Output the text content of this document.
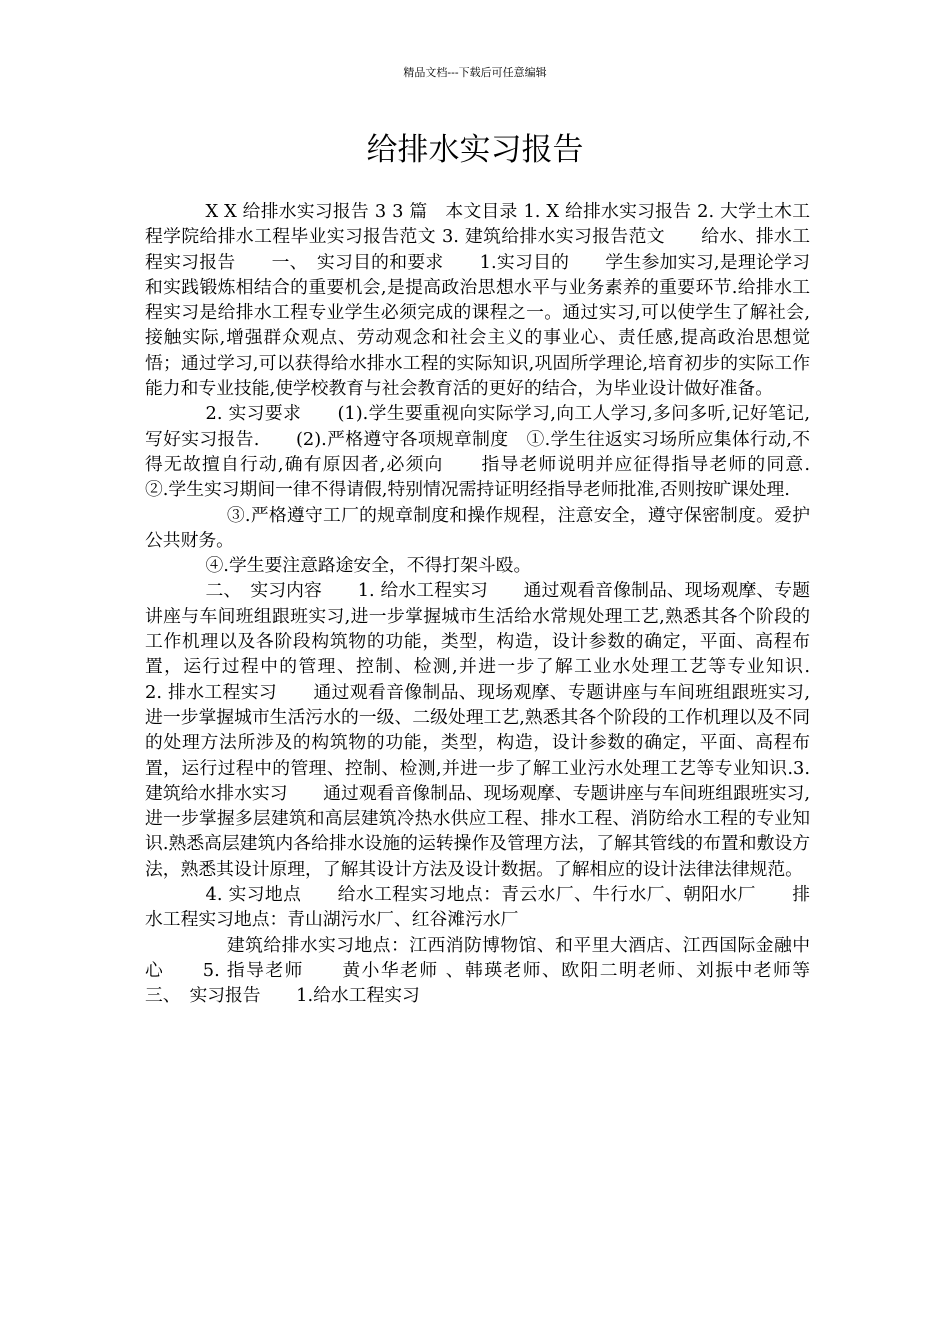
精品文档---下载后可任意编辑
给排水实习报告

X X 给排水实习报告 3 3 篇　本文目录 1. X 给排水实习报告 2. 大学土木工程学院给排水工程毕业实习报告范文 3. 建筑给排水实习报告范文　　给水、排水工程实习报告　　一、　实习目的和要求　　1.实习目的　　学生参加实习,是理论学习和实践锻炼相结合的重要机会,是提高政治思想水平与业务素养的重要环节.给排水工程实习是给排水工程专业学生必须完成的课程之一。通过实习,可以使学生了解社会,接触实际,增强群众观点、劳动观念和社会主义的事业心、责任感,提高政治思想觉悟；通过学习,可以获得给水排水工程的实际知识,巩固所学理论,培育初步的实际工作能力和专业技能,使学校教育与社会教育活的更好的结合，为毕业设计做好准备。

2. 实习要求　　(1).学生要重视向实际学习,向工人学习,多问多听,记好笔记,写好实习报告.　　(2).严格遵守各项规章制度　①.学生往返实习场所应集体行动,不得无故擅自行动,确有原因者,必须向　　指导老师说明并应征得指导老师的同意.　　②.学生实习期间一律不得请假,特别情况需持证明经指导老师批准,否则按旷课处理.

③.严格遵守工厂的规章制度和操作规程，注意安全，遵守保密制度。爱护公共财务。

④.学生要注意路途安全，不得打架斗殴。

二、　实习内容　　1. 给水工程实习　　通过观看音像制品、现场观摩、专题讲座与车间班组跟班实习,进一步掌握城市生活给水常规处理工艺,熟悉其各个阶段的工作机理以及各阶段构筑物的功能，类型，构造，设计参数的确定，平面、高程布置，运行过程中的管理、控制、检测,并进一步了解工业水处理工艺等专业知识.　　2. 排水工程实习　　通过观看音像制品、现场观摩、专题讲座与车间班组跟班实习,进一步掌握城市生活污水的一级、二级处理工艺,熟悉其各个阶段的工作机理以及不同的处理方法所涉及的构筑物的功能，类型，构造，设计参数的确定，平面、高程布置，运行过程中的管理、控制、检测,并进一步了解工业污水处理工艺等专业知识.3. 建筑给水排水实习　　通过观看音像制品、现场观摩、专题讲座与车间班组跟班实习,进一步掌握多层建筑和高层建筑冷热水供应工程、排水工程、消防给水工程的专业知识.熟悉高层建筑内各给排水设施的运转操作及管理方法，了解其管线的布置和敷设方法，熟悉其设计原理，了解其设计方法及设计数据。了解相应的设计法律法律规范。

4. 实习地点　　给水工程实习地点：青云水厂、牛行水厂、朝阳水厂　　排水工程实习地点：青山湖污水厂、红谷滩污水厂

建筑给排水实习地点：江西消防博物馆、和平里大酒店、江西国际金融中心　　5. 指导老师　　黄小华老师 、韩瑛老师、欧阳二明老师、刘振中老师等　　三、　实习报告　　1.给水工程实习
